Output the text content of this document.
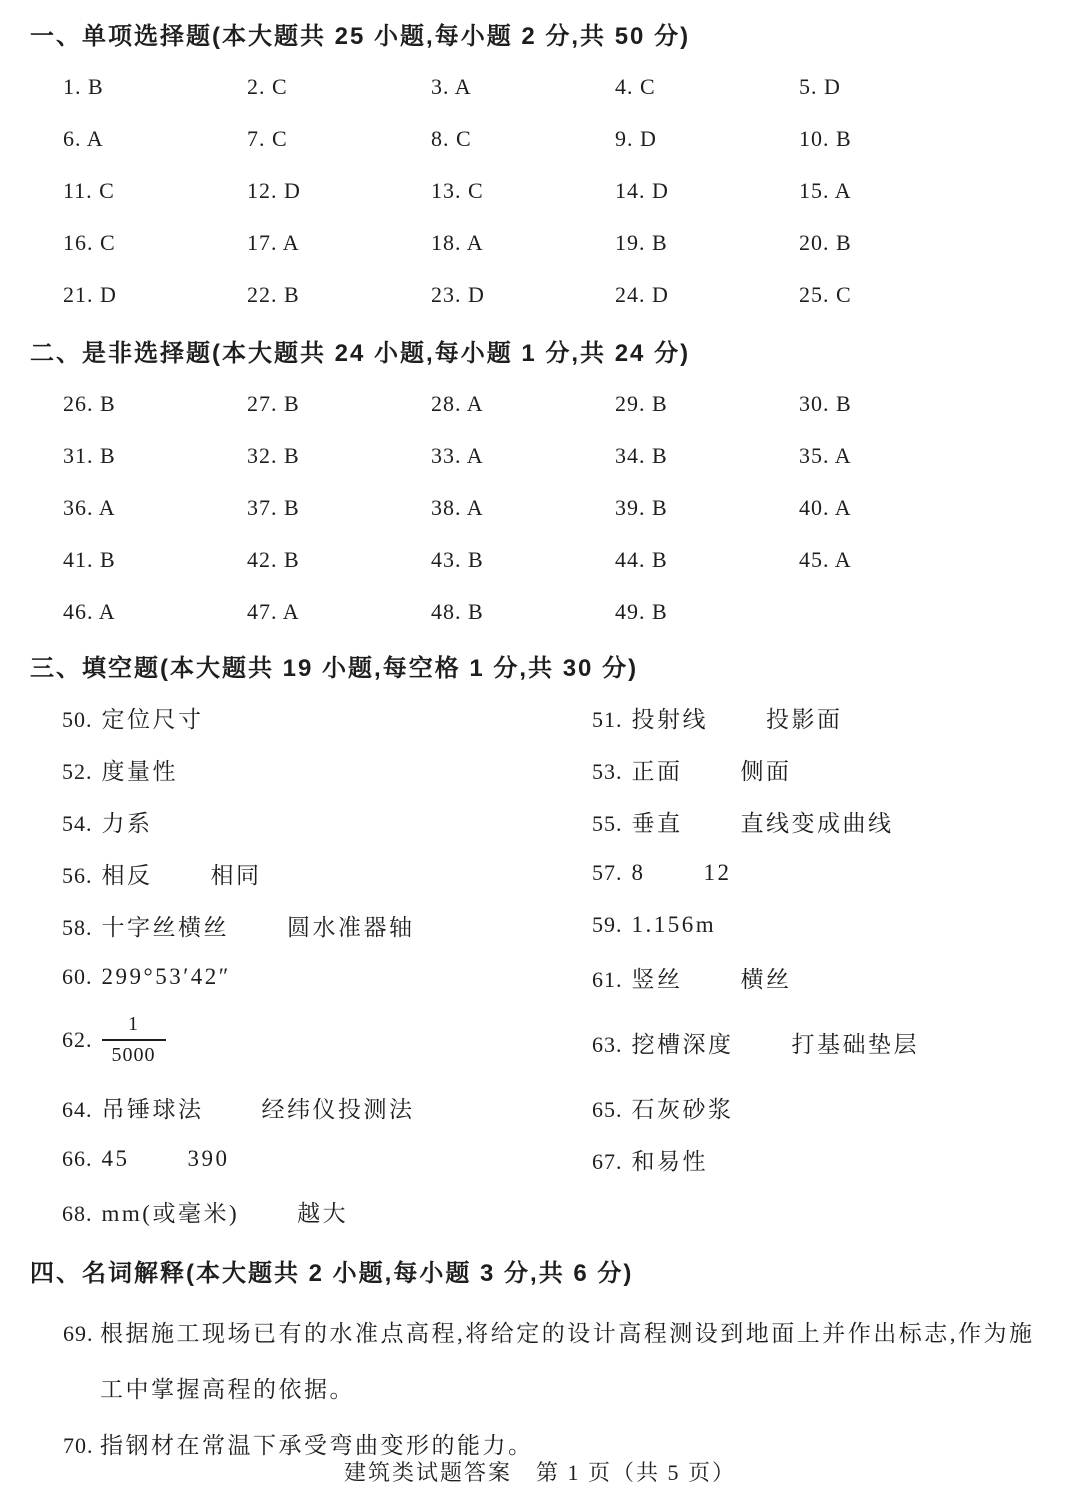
一、单项选择题(本大题共 25 小题,每小题 2 分,共 50 分)
1. B	2. C	3. A	4. C	5. D
6. A	7. C	8. C	9. D	10. B
11. C	12. D	13. C	14. D	15. A
16. C	17. A	18. A	19. B	20. B
21. D	22. B	23. D	24. D	25. C
二、是非选择题(本大题共 24 小题,每小题 1 分,共 24 分)
26. B	27. B	28. A	29. B	30. B
31. B	32. B	33. A	34. B	35. A
36. A	37. B	38. A	39. B	40. A
41. B	42. B	43. B	44. B	45. A
46. A	47. A	48. B	49. B
三、填空题(本大题共 19 小题,每空格 1 分,共 30 分)
50. 定位尺寸	51. 投射线	投影面
52. 度量性	53. 正面	侧面
54. 力系	55. 垂直	直线变成曲线
56. 相反	相同	57. 8	12
58. 十字丝横丝	圆水准器轴	59. 1.156m
60. 299°53′42″	61. 竖丝	横丝
62. $\frac{1}{5000}$	63. 挖槽深度	打基础垫层
64. 吊锤球法	经纬仪投测法	65. 石灰砂浆
66. 45	390	67. 和易性
68. mm(或毫米)	越大
四、名词解释(本大题共 2 小题,每小题 3 分,共 6 分)
69. 根据施工现场已有的水准点高程,将给定的设计高程测设到地面上并作出标志,作为施工中掌握高程的依据。
70. 指钢材在常温下承受弯曲变形的能力。
建筑类试题答案　第 1 页（共 5 页）
